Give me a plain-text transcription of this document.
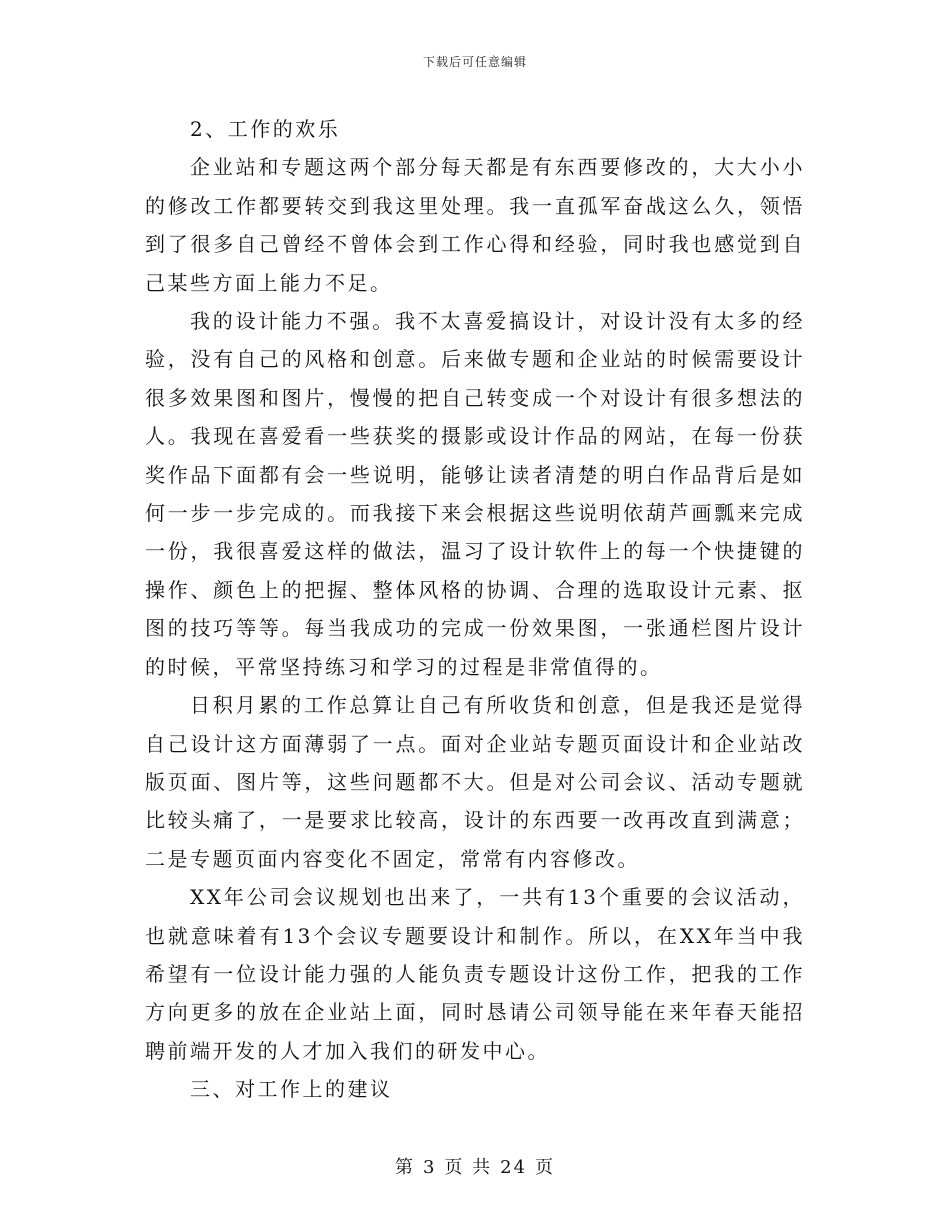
下载后可任意编辑

2、工作的欢乐

企业站和专题这两个部分每天都是有东西要修改的，大大小小的修改工作都要转交到我这里处理。我一直孤军奋战这么久，领悟到了很多自己曾经不曾体会到工作心得和经验，同时我也感觉到自己某些方面上能力不足。

我的设计能力不强。我不太喜爱搞设计，对设计没有太多的经验，没有自己的风格和创意。后来做专题和企业站的时候需要设计很多效果图和图片，慢慢的把自己转变成一个对设计有很多想法的人。我现在喜爱看一些获奖的摄影或设计作品的网站，在每一份获奖作品下面都有会一些说明，能够让读者清楚的明白作品背后是如何一步一步完成的。而我接下来会根据这些说明依葫芦画瓢来完成一份，我很喜爱这样的做法，温习了设计软件上的每一个快捷键的操作、颜色上的把握、整体风格的协调、合理的选取设计元素、抠图的技巧等等。每当我成功的完成一份效果图，一张通栏图片设计的时候，平常坚持练习和学习的过程是非常值得的。

日积月累的工作总算让自己有所收货和创意，但是我还是觉得自己设计这方面薄弱了一点。面对企业站专题页面设计和企业站改版页面、图片等，这些问题都不大。但是对公司会议、活动专题就比较头痛了，一是要求比较高，设计的东西要一改再改直到满意；二是专题页面内容变化不固定，常常有内容修改。

XX年公司会议规划也出来了，一共有13个重要的会议活动，也就意味着有13个会议专题要设计和制作。所以，在XX年当中我希望有一位设计能力强的人能负责专题设计这份工作，把我的工作方向更多的放在企业站上面，同时恳请公司领导能在来年春天能招聘前端开发的人才加入我们的研发中心。

三、对工作上的建议

第 3 页 共 24 页
